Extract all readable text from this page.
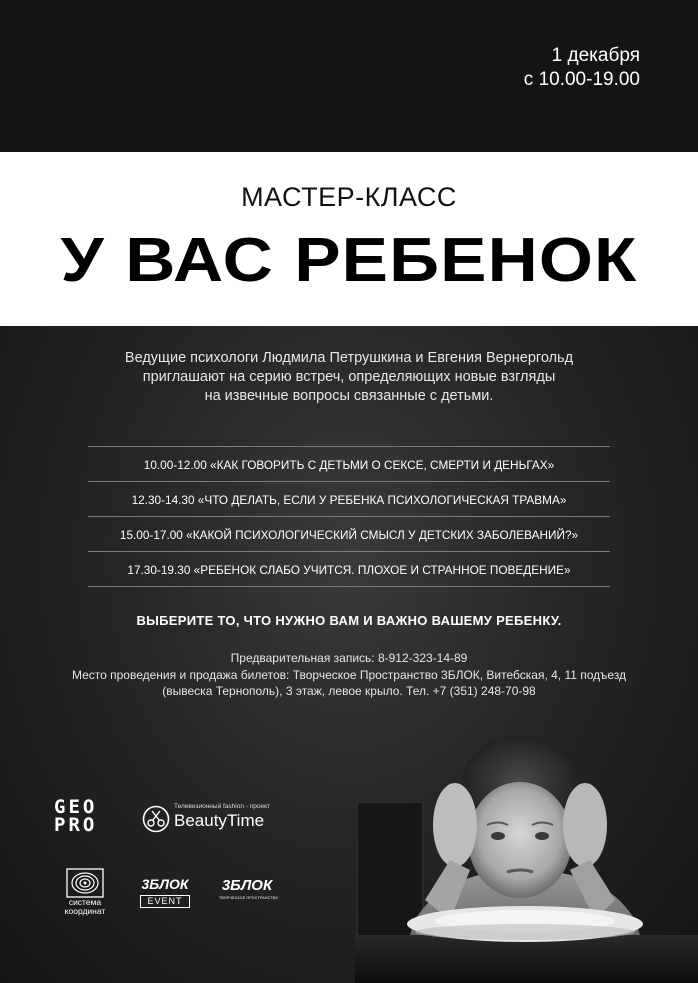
1 декабря
с 10.00-19.00
МАСТЕР-КЛАСС
У ВАС РЕБЕНОК
Ведущие психологи Людмила Петрушкина и Евгения Вернергольд
приглашают на серию встреч, определяющих новые взгляды
на извечные вопросы связанные с детьми.
10.00-12.00 «КАК ГОВОРИТЬ С ДЕТЬМИ О СЕКСЕ, СМЕРТИ И ДЕНЬГАХ»
12.30-14.30 «ЧТО ДЕЛАТЬ, ЕСЛИ У РЕБЕНКА ПСИХОЛОГИЧЕСКАЯ ТРАВМА»
15.00-17.00 «КАКОЙ ПСИХОЛОГИЧЕСКИЙ СМЫСЛ У ДЕТСКИХ ЗАБОЛЕВАНИЙ?»
17.30-19.30 «РЕБЕНОК СЛАБО УЧИТСЯ. ПЛОХОЕ И СТРАННОЕ ПОВЕДЕНИЕ»
ВЫБЕРИТЕ ТО, ЧТО НУЖНО ВАМ И ВАЖНО ВАШЕМУ РЕБЕНКУ.
Предварительная запись: 8-912-323-14-89
Место проведения и продажа билетов: Творческое Пространство 3БЛОК, Витебская, 4, 11 подъезд
(вывеска Тернополь), 3 этаж, левое крыло. Тел. +7 (351) 248-70-98
GEO
PRO
Телевизионный fashion - проект
BeautyTime
система
координат
3БЛОК
EVENT
3БЛОК
ТВОРЧЕСКОЕ ПРОСТРАНСТВО
